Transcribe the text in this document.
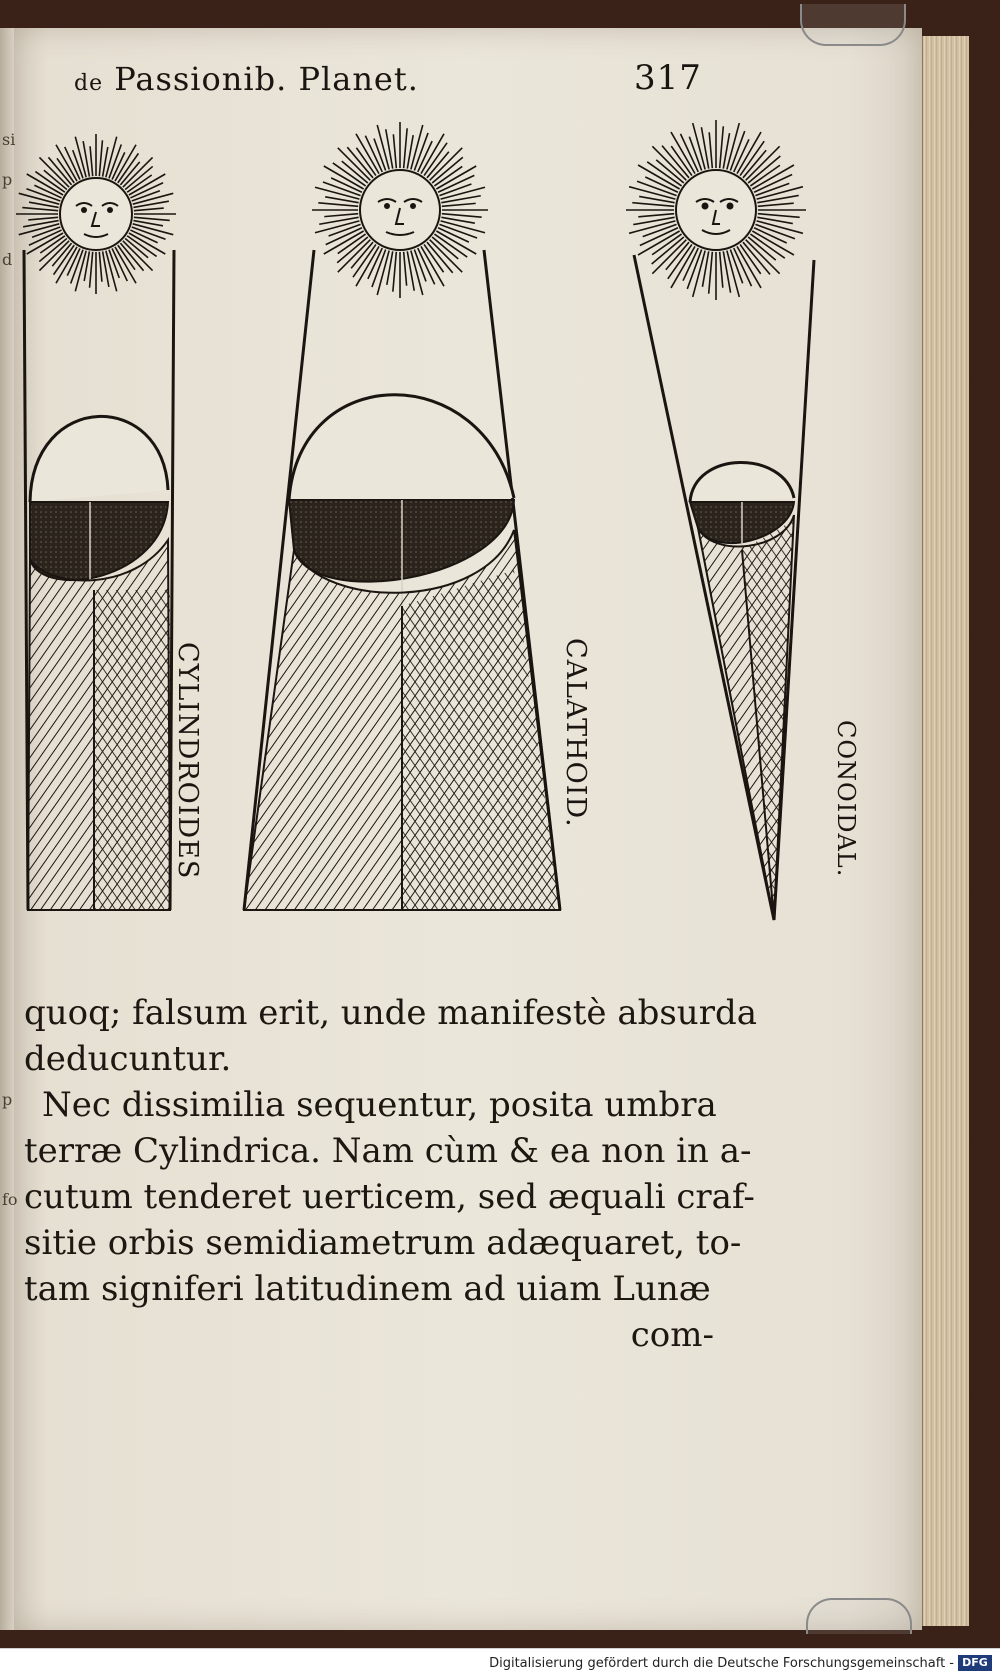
si
p
d
p
fo
de Passionib. Planet.	317
CYLINDROIDES	CALATHOID.	CONOIDAL.
quoq; falsum erit, unde manifestè absurda
deducuntur.
Nec dissimilia sequentur, posita umbra
terræ Cylindrica. Nam cùm & ea non in a-
cutum tenderet uerticem, sed æquali craf-
sitie orbis semidiametrum adæquaret, to-
tam signiferi latitudinem ad uiam Lunæ
com-
Digitalisierung gefördert durch die Deutsche Forschungsgemeinschaft - DFG
